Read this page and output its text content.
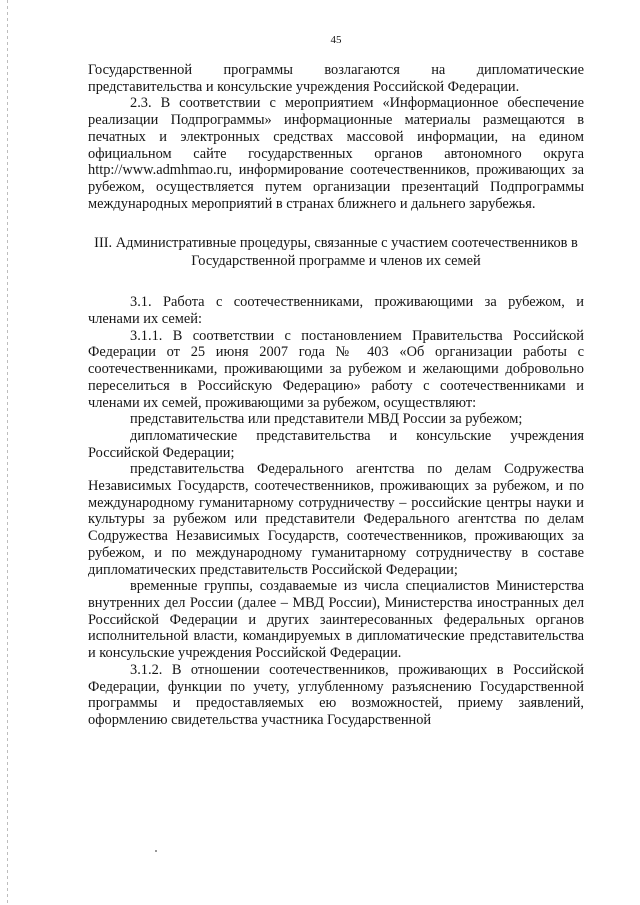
45

Государственной программы возлагаются на дипломатические представительства и консульские учреждения Российской Федерации.

2.3. В соответствии с мероприятием «Информационное обеспечение реализации Подпрограммы» информационные материалы размещаются в печатных и электронных средствах массовой информации, на едином официальном сайте государственных органов автономного округа http://www.admhmao.ru, информирование соотечественников, проживающих за рубежом, осуществляется путем организации презентаций Подпрограммы международных мероприятий в странах ближнего и дальнего зарубежья.

III. Административные процедуры, связанные с участием соотечественников в Государственной программе и членов их семей

3.1. Работа с соотечественниками, проживающими за рубежом, и членами их семей:

3.1.1. В соответствии с постановлением Правительства Российской Федерации от 25 июня 2007 года № 403 «Об организации работы с соотечественниками, проживающими за рубежом и желающими добровольно переселиться в Российскую Федерацию» работу с соотечественниками и членами их семей, проживающими за рубежом, осуществляют:

представительства или представители МВД России за рубежом;

дипломатические представительства и консульские учреждения Российской Федерации;

представительства Федерального агентства по делам Содружества Независимых Государств, соотечественников, проживающих за рубежом, и по международному гуманитарному сотрудничеству – российские центры науки и культуры за рубежом или представители Федерального агентства по делам Содружества Независимых Государств, соотечественников, проживающих за рубежом, и по международному гуманитарному сотрудничеству в составе дипломатических представительств Российской Федерации;

временные группы, создаваемые из числа специалистов Министерства внутренних дел России (далее – МВД России), Министерства иностранных дел Российской Федерации и других заинтересованных федеральных органов исполнительной власти, командируемых в дипломатические представительства и консульские учреждения Российской Федерации.

3.1.2. В отношении соотечественников, проживающих в Российской Федерации, функции по учету, углубленному разъяснению Государственной программы и предоставляемых ею возможностей, приему заявлений, оформлению свидетельства участника Государственной
